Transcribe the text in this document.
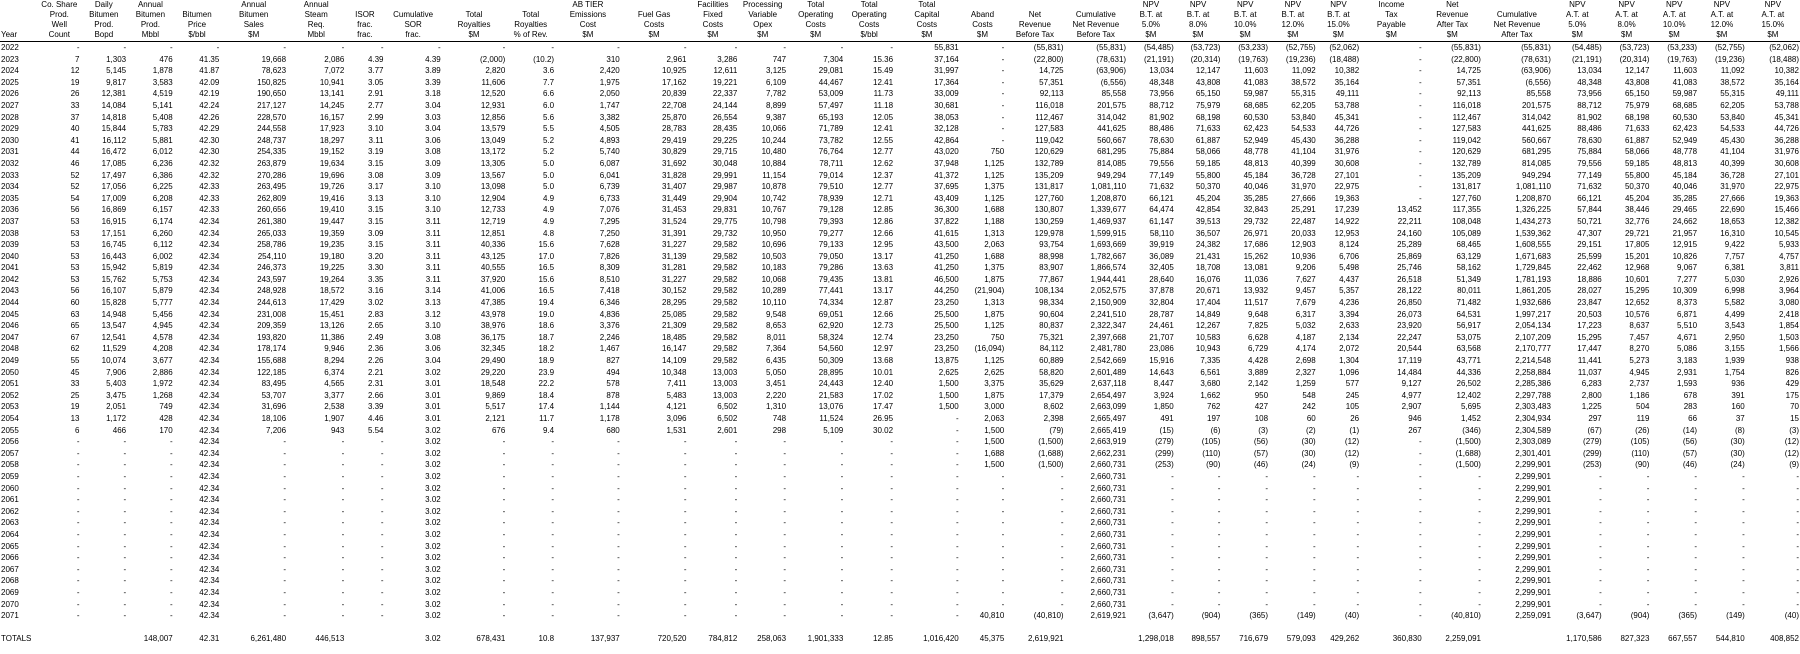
	Co. Share	Daily	Annual		Annual	Annual					AB TIER		Facilities	Processing	Total	Total	Total				NPV	NPV	NPV	NPV	NPV	Income	Net		NPV	NPV	NPV	NPV	NPV
	Prod.	Bitumen	Bitumen	Bitumen	Bitumen	Steam	ISOR	Cumulative	Total	Total	Emissions	Fuel Gas	Fixed	Variable	Operating	Operating	Capital	Aband	Net	Cumulative	B.T. at	B.T. at	B.T. at	B.T. at	B.T. at	Tax	Revenue	Cumulative	A.T. at	A.T. at	A.T. at	A.T. at	A.T. at
	Well	Prod.	Prod.	Price	Sales	Req.	frac.	SOR	Royalties	Royalties	Cost	Costs	Costs	Opex	Costs	Costs	Costs	Costs	Revenue	Net Revenue	5.0%	8.0%	10.0%	12.0%	15.0%	Payable	After Tax	Net Revenue	5.0%	8.0%	10.0%	12.0%	15.0%
Year	Count	Bopd	Mbbl	$/bbl	$M	Mbbl	frac.	frac.	$M	% of Rev.	$M	$M	$M	$M	$M	$/bbl	$M	$M	Before Tax	Before Tax	$M	$M	$M	$M	$M	$M	$M	After Tax	$M	$M	$M	$M	$M
2022	-	-	-	-	-	-	-	-	-	-	-	-	-	-	-	-	55,831	-	(55,831)	(55,831)	(54,485)	(53,723)	(53,233)	(52,755)	(52,062)	-	(55,831)	(55,831)	(54,485)	(53,723)	(53,233)	(52,755)	(52,062)
2023	7	1,303	476	41.35	19,668	2,086	4.39	4.39	(2,000)	(10.2)	310	2,961	3,286	747	7,304	15.36	37,164	-	(22,800)	(78,631)	(21,191)	(20,314)	(19,763)	(19,236)	(18,488)	-	(22,800)	(78,631)	(21,191)	(20,314)	(19,763)	(19,236)	(18,488)
2024	12	5,145	1,878	41.87	78,623	7,072	3.77	3.89	2,820	3.6	2,420	10,925	12,611	3,125	29,081	15.49	31,997	-	14,725	(63,906)	13,034	12,147	11,603	11,092	10,382	-	14,725	(63,906)	13,034	12,147	11,603	11,092	10,382
2025	19	9,817	3,583	42.09	150,825	10,941	3.05	3.39	11,606	7.7	1,975	17,162	19,221	6,109	44,467	12.41	17,364	-	57,351	(6,556)	48,348	43,808	41,083	38,572	35,164	-	57,351	(6,556)	48,348	43,808	41,083	38,572	35,164
2026	26	12,381	4,519	42.19	190,650	13,141	2.91	3.18	12,520	6.6	2,050	20,839	22,337	7,782	53,009	11.73	33,009	-	92,113	85,558	73,956	65,150	59,987	55,315	49,111	-	92,113	85,558	73,956	65,150	59,987	55,315	49,111
2027	33	14,084	5,141	42.24	217,127	14,245	2.77	3.04	12,931	6.0	1,747	22,708	24,144	8,899	57,497	11.18	30,681	-	116,018	201,575	88,712	75,979	68,685	62,205	53,788	-	116,018	201,575	88,712	75,979	68,685	62,205	53,788
2028	37	14,818	5,408	42.26	228,570	16,157	2.99	3.03	12,856	5.6	3,382	25,870	26,554	9,387	65,193	12.05	38,053	-	112,467	314,042	81,902	68,198	60,530	53,840	45,341	-	112,467	314,042	81,902	68,198	60,530	53,840	45,341
2029	40	15,844	5,783	42.29	244,558	17,923	3.10	3.04	13,579	5.5	4,505	28,783	28,435	10,066	71,789	12.41	32,128	-	127,583	441,625	88,486	71,633	62,423	54,533	44,726	-	127,583	441,625	88,486	71,633	62,423	54,533	44,726
2030	41	16,112	5,881	42.30	248,737	18,297	3.11	3.06	13,049	5.2	4,893	29,419	29,225	10,244	73,782	12.55	42,864	-	119,042	560,667	78,630	61,887	52,949	45,430	36,288	-	119,042	560,667	78,630	61,887	52,949	45,430	36,288
2031	44	16,472	6,012	42.30	254,335	19,152	3.19	3.08	13,172	5.2	5,740	30,829	29,715	10,480	76,764	12.77	43,020	750	120,629	681,295	75,884	58,066	48,778	41,104	31,976	-	120,629	681,295	75,884	58,066	48,778	41,104	31,976
2032	46	17,085	6,236	42.32	263,879	19,634	3.15	3.09	13,305	5.0	6,087	31,692	30,048	10,884	78,711	12.62	37,948	1,125	132,789	814,085	79,556	59,185	48,813	40,399	30,608	-	132,789	814,085	79,556	59,185	48,813	40,399	30,608
2033	52	17,497	6,386	42.32	270,286	19,696	3.08	3.09	13,567	5.0	6,041	31,828	29,991	11,154	79,014	12.37	41,372	1,125	135,209	949,294	77,149	55,800	45,184	36,728	27,101	-	135,209	949,294	77,149	55,800	45,184	36,728	27,101
2034	52	17,056	6,225	42.33	263,495	19,726	3.17	3.10	13,098	5.0	6,739	31,407	29,987	10,878	79,510	12.77	37,695	1,375	131,817	1,081,110	71,632	50,370	40,046	31,970	22,975	-	131,817	1,081,110	71,632	50,370	40,046	31,970	22,975
2035	54	17,009	6,208	42.33	262,809	19,416	3.13	3.10	12,904	4.9	6,733	31,449	29,904	10,742	78,939	12.71	43,409	1,125	127,760	1,208,870	66,121	45,204	35,285	27,666	19,363	-	127,760	1,208,870	66,121	45,204	35,285	27,666	19,363
2036	56	16,869	6,157	42.33	260,656	19,410	3.15	3.10	12,733	4.9	7,076	31,453	29,831	10,767	79,128	12.85	36,300	1,688	130,807	1,339,677	64,474	42,854	32,843	25,291	17,239	13,452	117,355	1,326,225	57,844	38,446	29,465	22,690	15,466
2037	53	16,915	6,174	42.34	261,380	19,447	3.15	3.11	12,719	4.9	7,295	31,524	29,775	10,798	79,393	12.86	37,822	1,188	130,259	1,469,937	61,147	39,513	29,732	22,487	14,922	22,211	108,048	1,434,273	50,721	32,776	24,662	18,653	12,382
2038	53	17,151	6,260	42.34	265,033	19,359	3.09	3.11	12,851	4.8	7,250	31,391	29,732	10,950	79,277	12.66	41,615	1,313	129,978	1,599,915	58,110	36,507	26,971	20,033	12,953	24,160	105,089	1,539,362	47,307	29,721	21,957	16,310	10,545
2039	53	16,745	6,112	42.34	258,786	19,235	3.15	3.11	40,336	15.6	7,628	31,227	29,582	10,696	79,133	12.95	43,500	2,063	93,754	1,693,669	39,919	24,382	17,686	12,903	8,124	25,289	68,465	1,608,555	29,151	17,805	12,915	9,422	5,933
2040	53	16,443	6,002	42.34	254,110	19,180	3.20	3.11	43,125	17.0	7,826	31,139	29,582	10,503	79,050	13.17	41,250	1,688	88,998	1,782,667	36,089	21,431	15,262	10,936	6,706	25,869	63,129	1,671,683	25,599	15,201	10,826	7,757	4,757
2041	53	15,942	5,819	42.34	246,373	19,225	3.30	3.11	40,555	16.5	8,309	31,281	29,582	10,183	79,286	13.63	41,250	1,375	83,907	1,866,574	32,405	18,708	13,081	9,206	5,498	25,746	58,162	1,729,845	22,462	12,968	9,067	6,381	3,811
2042	53	15,762	5,753	42.34	243,597	19,264	3.35	3.11	37,920	15.6	8,510	31,227	29,582	10,068	79,435	13.81	46,500	1,875	77,867	1,944,441	28,640	16,076	11,036	7,627	4,437	26,518	51,349	1,781,193	18,886	10,601	7,277	5,030	2,926
2043	56	16,107	5,879	42.34	248,928	18,572	3.16	3.14	41,006	16.5	7,418	30,152	29,582	10,289	77,441	13.17	44,250	(21,904)	108,134	2,052,575	37,878	20,671	13,932	9,457	5,357	28,122	80,011	1,861,205	28,027	15,295	10,309	6,998	3,964
2044	60	15,828	5,777	42.34	244,613	17,429	3.02	3.13	47,385	19.4	6,346	28,295	29,582	10,110	74,334	12.87	23,250	1,313	98,334	2,150,909	32,804	17,404	11,517	7,679	4,236	26,850	71,482	1,932,686	23,847	12,652	8,373	5,582	3,080
2045	63	14,948	5,456	42.34	231,008	15,451	2.83	3.12	43,978	19.0	4,836	25,085	29,582	9,548	69,051	12.66	25,500	1,875	90,604	2,241,510	28,787	14,849	9,648	6,317	3,394	26,073	64,531	1,997,217	20,503	10,576	6,871	4,499	2,418
2046	65	13,547	4,945	42.34	209,359	13,126	2.65	3.10	38,976	18.6	3,376	21,309	29,582	8,653	62,920	12.73	25,500	1,125	80,837	2,322,347	24,461	12,267	7,825	5,032	2,633	23,920	56,917	2,054,134	17,223	8,637	5,510	3,543	1,854
2047	67	12,541	4,578	42.34	193,820	11,386	2.49	3.08	36,175	18.7	2,246	18,485	29,582	8,011	58,324	12.74	23,250	750	75,321	2,397,668	21,707	10,583	6,628	4,187	2,134	22,247	53,075	2,107,209	15,295	7,457	4,671	2,950	1,503
2048	62	11,529	4,208	42.34	178,174	9,946	2.36	3.06	32,345	18.2	1,467	16,147	29,582	7,364	54,560	12.97	23,250	(16,094)	84,112	2,481,780	23,086	10,943	6,729	4,174	2,072	20,544	63,568	2,170,777	17,447	8,270	5,086	3,155	1,566
2049	55	10,074	3,677	42.34	155,688	8,294	2.26	3.04	29,490	18.9	827	14,109	29,582	6,435	50,309	13.68	13,875	1,125	60,889	2,542,669	15,916	7,335	4,428	2,698	1,304	17,119	43,771	2,214,548	11,441	5,273	3,183	1,939	938
2050	45	7,906	2,886	42.34	122,185	6,374	2.21	3.02	29,220	23.9	494	10,348	13,003	5,050	28,895	10.01	2,625	2,625	58,820	2,601,489	14,643	6,561	3,889	2,327	1,096	14,484	44,336	2,258,884	11,037	4,945	2,931	1,754	826
2051	33	5,403	1,972	42.34	83,495	4,565	2.31	3.01	18,548	22.2	578	7,411	13,003	3,451	24,443	12.40	1,500	3,375	35,629	2,637,118	8,447	3,680	2,142	1,259	577	9,127	26,502	2,285,386	6,283	2,737	1,593	936	429
2052	25	3,475	1,268	42.34	53,707	3,377	2.66	3.01	9,869	18.4	878	5,483	13,003	2,220	21,583	17.02	1,500	1,875	17,379	2,654,497	3,924	1,662	950	548	245	4,977	12,402	2,297,788	2,800	1,186	678	391	175
2053	19	2,051	749	42.34	31,696	2,538	3.39	3.01	5,517	17.4	1,144	4,121	6,502	1,310	13,076	17.47	1,500	3,000	8,602	2,663,099	1,850	762	427	242	105	2,907	5,695	2,303,483	1,225	504	283	160	70
2054	13	1,172	428	42.34	18,106	1,907	4.46	3.01	2,121	11.7	1,178	3,096	6,502	748	11,524	26.95	-	2,063	2,398	2,665,497	491	197	108	60	26	946	1,452	2,304,934	297	119	66	37	15
2055	6	466	170	42.34	7,206	943	5.54	3.02	676	9.4	680	1,531	2,601	298	5,109	30.02	-	1,500	(79)	2,665,419	(15)	(6)	(3)	(2)	(1)	267	(346)	2,304,589	(67)	(26)	(14)	(8)	(3)
2056	-	-	-	42.34	-	-	-	3.02	-	-	-	-	-	-	-	-	-	1,500	(1,500)	2,663,919	(279)	(105)	(56)	(30)	(12)	-	(1,500)	2,303,089	(279)	(105)	(56)	(30)	(12)
2057	-	-	-	42.34	-	-	-	3.02	-	-	-	-	-	-	-	-	-	1,688	(1,688)	2,662,231	(299)	(110)	(57)	(30)	(12)	-	(1,688)	2,301,401	(299)	(110)	(57)	(30)	(12)
2058	-	-	-	42.34	-	-	-	3.02	-	-	-	-	-	-	-	-	-	1,500	(1,500)	2,660,731	(253)	(90)	(46)	(24)	(9)	-	(1,500)	2,299,901	(253)	(90)	(46)	(24)	(9)
2059	-	-	-	42.34	-	-	-	3.02	-	-	-	-	-	-	-	-	-	-	-	2,660,731	-	-	-	-	-	-	-	2,299,901	-	-	-	-	-
2060	-	-	-	42.34	-	-	-	3.02	-	-	-	-	-	-	-	-	-	-	-	2,660,731	-	-	-	-	-	-	-	2,299,901	-	-	-	-	-
2061	-	-	-	42.34	-	-	-	3.02	-	-	-	-	-	-	-	-	-	-	-	2,660,731	-	-	-	-	-	-	-	2,299,901	-	-	-	-	-
2062	-	-	-	42.34	-	-	-	3.02	-	-	-	-	-	-	-	-	-	-	-	2,660,731	-	-	-	-	-	-	-	2,299,901	-	-	-	-	-
2063	-	-	-	42.34	-	-	-	3.02	-	-	-	-	-	-	-	-	-	-	-	2,660,731	-	-	-	-	-	-	-	2,299,901	-	-	-	-	-
2064	-	-	-	42.34	-	-	-	3.02	-	-	-	-	-	-	-	-	-	-	-	2,660,731	-	-	-	-	-	-	-	2,299,901	-	-	-	-	-
2065	-	-	-	42.34	-	-	-	3.02	-	-	-	-	-	-	-	-	-	-	-	2,660,731	-	-	-	-	-	-	-	2,299,901	-	-	-	-	-
2066	-	-	-	42.34	-	-	-	3.02	-	-	-	-	-	-	-	-	-	-	-	2,660,731	-	-	-	-	-	-	-	2,299,901	-	-	-	-	-
2067	-	-	-	42.34	-	-	-	3.02	-	-	-	-	-	-	-	-	-	-	-	2,660,731	-	-	-	-	-	-	-	2,299,901	-	-	-	-	-
2068	-	-	-	42.34	-	-	-	3.02	-	-	-	-	-	-	-	-	-	-	-	2,660,731	-	-	-	-	-	-	-	2,299,901	-	-	-	-	-
2069	-	-	-	42.34	-	-	-	3.02	-	-	-	-	-	-	-	-	-	-	-	2,660,731	-	-	-	-	-	-	-	2,299,901	-	-	-	-	-
2070	-	-	-	42.34	-	-	-	3.02	-	-	-	-	-	-	-	-	-	-	-	2,660,731	-	-	-	-	-	-	-	2,299,901	-	-	-	-	-
2071	-	-	-	42.34	-	-	-	3.02	-	-	-	-	-	-	-	-	-	40,810	(40,810)	2,619,921	(3,647)	(904)	(365)	(149)	(40)	-	(40,810)	2,259,091	(3,647)	(904)	(365)	(149)	(40)

TOTALS			148,007	42.31	6,261,480	446,513		3.02	678,431	10.8	137,937	720,520	784,812	258,063	1,901,333	12.85	1,016,420	45,375	2,619,921		1,298,018	898,557	716,679	579,093	429,262	360,830	2,259,091		1,170,586	827,323	667,557	544,810	408,852
